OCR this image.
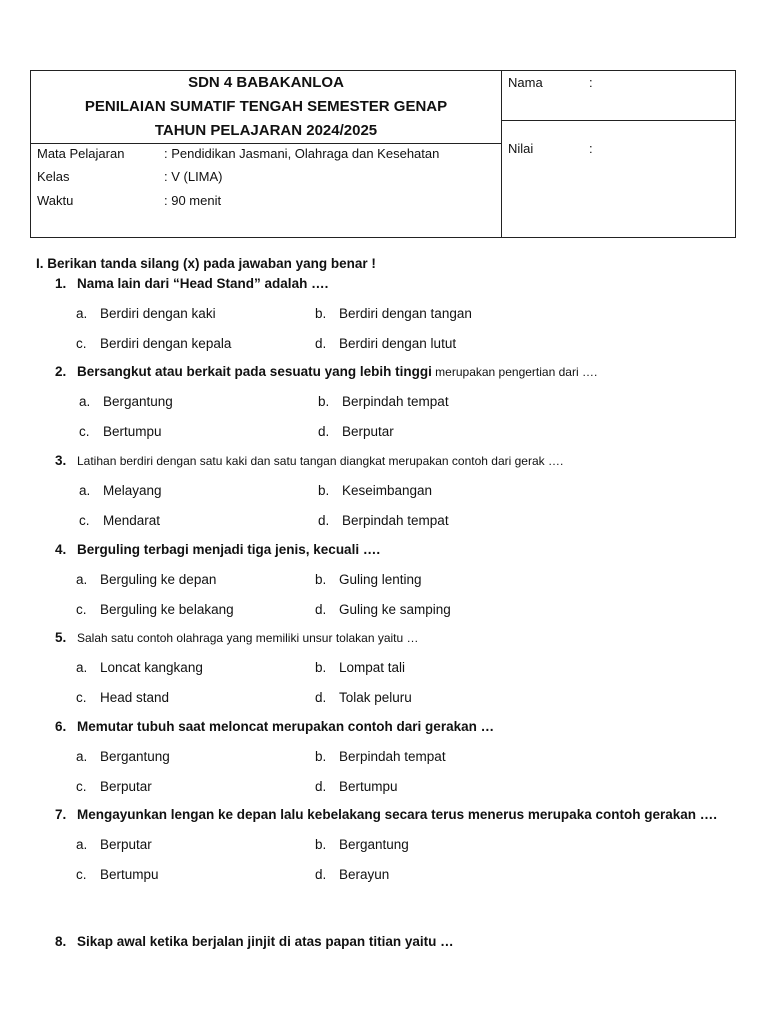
SDN 4 BABAKANLOA
PENILAIAN SUMATIF TENGAH SEMESTER GENAP
TAHUN PELAJARAN 2024/2025
Mata Pelajaran	: Pendidikan Jasmani, Olahraga dan Kesehatan
Kelas	: V (LIMA)
Waktu	: 90 menit
Nama	:
Nilai	:
I. Berikan tanda silang (x) pada jawaban yang benar !
1. Nama lain dari “Head Stand” adalah ….
a. Berdiri dengan kaki	b. Berdiri dengan tangan
c. Berdiri dengan kepala	d. Berdiri dengan lutut
2. Bersangkut atau berkait pada sesuatu yang lebih tinggi merupakan pengertian dari ….
a. Bergantung	b. Berpindah tempat
c. Bertumpu	d. Berputar
3. Latihan berdiri dengan satu kaki dan satu tangan diangkat merupakan contoh dari gerak ….
a. Melayang	b. Keseimbangan
c. Mendarat	d. Berpindah tempat
4. Berguling terbagi menjadi tiga jenis, kecuali ….
a. Berguling ke depan	b. Guling lenting
c. Berguling ke belakang	d. Guling ke samping
5. Salah satu contoh olahraga yang memiliki unsur tolakan yaitu …
a. Loncat kangkang	b. Lompat tali
c. Head stand	d. Tolak peluru
6. Memutar tubuh saat meloncat merupakan contoh dari gerakan …
a. Bergantung	b. Berpindah tempat
c. Berputar	d. Bertumpu
7. Mengayunkan lengan ke depan lalu kebelakang secara terus menerus merupaka contoh gerakan ….
a. Berputar	b. Bergantung
c. Bertumpu	d. Berayun
8. Sikap awal ketika berjalan jinjit di atas papan titian yaitu …
